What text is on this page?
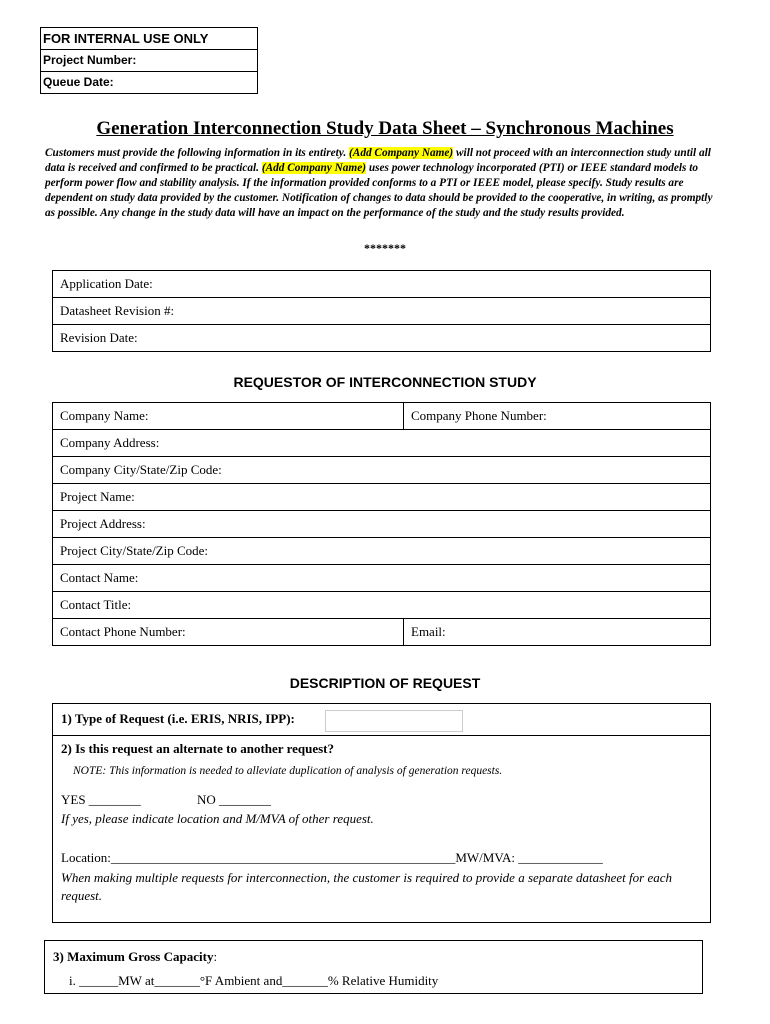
FOR INTERNAL USE ONLY
Project Number:
Queue Date:
Generation Interconnection Study Data Sheet – Synchronous Machines
Customers must provide the following information in its entirety. (Add Company Name) will not proceed with an interconnection study until all data is received and confirmed to be practical. (Add Company Name) uses power technology incorporated (PTI) or IEEE standard models to perform power flow and stability analysis. If the information provided conforms to a PTI or IEEE model, please specify. Study results are dependent on study data provided by the customer. Notification of changes to data should be provided to the cooperative, in writing, as promptly as possible. Any change in the study data will have an impact on the performance of the study and the study results provided.
*******
Application Date:
Datasheet Revision #:
Revision Date:
REQUESTOR OF INTERCONNECTION STUDY
Company Name:	Company Phone Number:
Company Address:	
Company City/State/Zip Code:	
Project Name:	
Project Address:	
Project City/State/Zip Code:	
Contact Name:	
Contact Title:	
Contact Phone Number:	Email:
DESCRIPTION OF REQUEST
1) Type of Request (i.e. ERIS, NRIS, IPP):
2) Is this request an alternate to another request?
NOTE: This information is needed to alleviate duplication of analysis of generation requests.
YES ________	NO ________
If yes, please indicate location and M/MVA of other request.
Location:_____________________________________________________MW/MVA: _____________
When making multiple requests for interconnection, the customer is required to provide a separate datasheet for each request.
3) Maximum Gross Capacity:
i. ______MW at_______°F Ambient and_______% Relative Humidity
